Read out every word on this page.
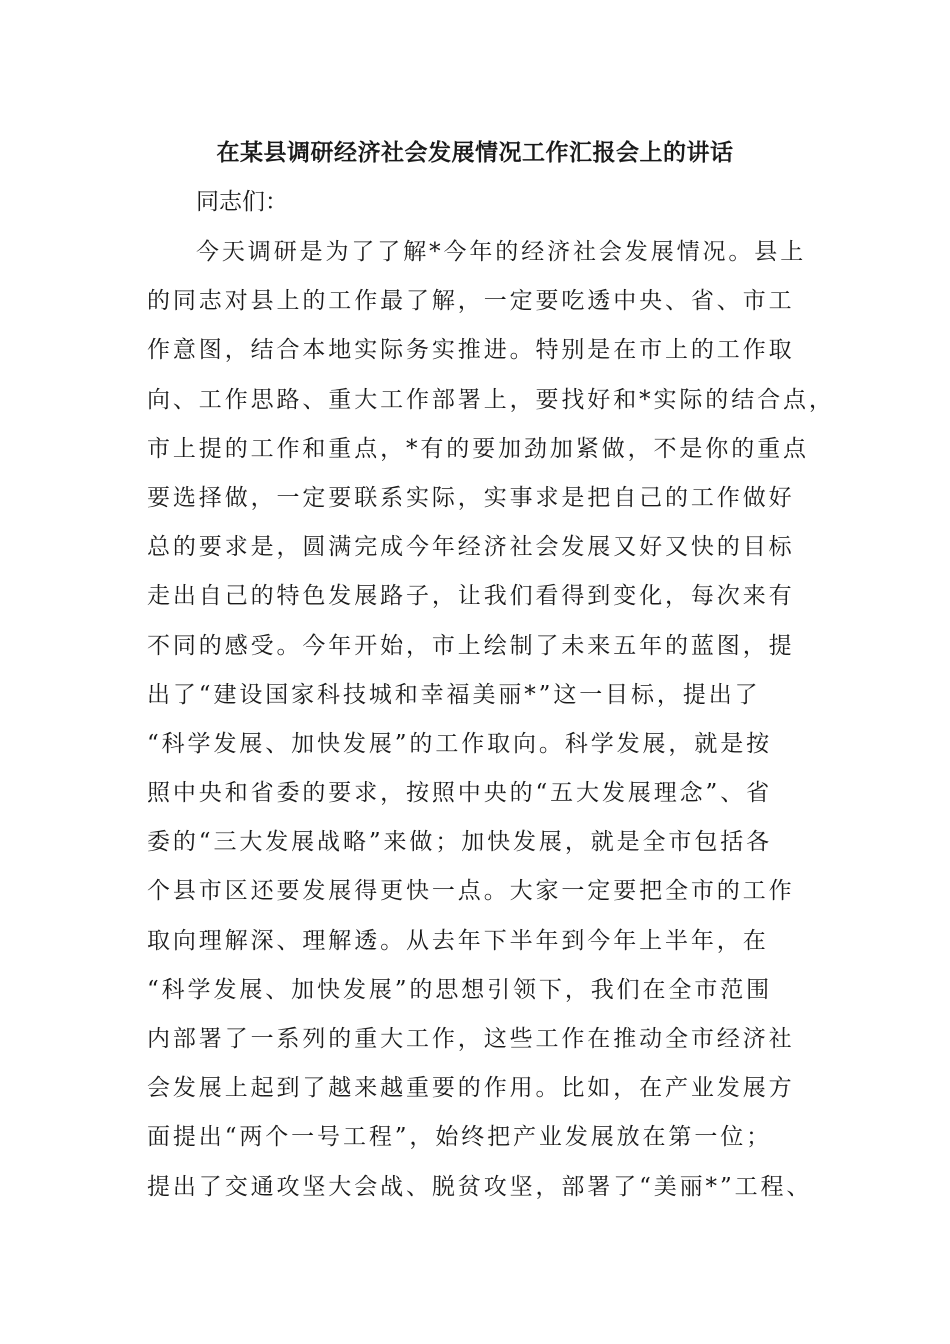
在某县调研经济社会发展情况工作汇报会上的讲话
同志们：
今天调研是为了了解*今年的经济社会发展情况。县上
的同志对县上的工作最了解，一定要吃透中央、省、市工
作意图，结合本地实际务实推进。特别是在市上的工作取
向、工作思路、重大工作部署上，要找好和*实际的结合点，
市上提的工作和重点，*有的要加劲加紧做，不是你的重点
要选择做，一定要联系实际，实事求是把自己的工作做好
总的要求是，圆满完成今年经济社会发展又好又快的目标
走出自己的特色发展路子，让我们看得到变化，每次来有
不同的感受。今年开始，市上绘制了未来五年的蓝图，提
出了“建设国家科技城和幸福美丽*”这一目标，提出了
“科学发展、加快发展”的工作取向。科学发展，就是按
照中央和省委的要求，按照中央的“五大发展理念”、省
委的“三大发展战略”来做；加快发展，就是全市包括各
个县市区还要发展得更快一点。大家一定要把全市的工作
取向理解深、理解透。从去年下半年到今年上半年，在
“科学发展、加快发展”的思想引领下，我们在全市范围
内部署了一系列的重大工作，这些工作在推动全市经济社
会发展上起到了越来越重要的作用。比如，在产业发展方
面提出“两个一号工程”，始终把产业发展放在第一位；
提出了交通攻坚大会战、脱贫攻坚，部署了“美丽*”工程、
